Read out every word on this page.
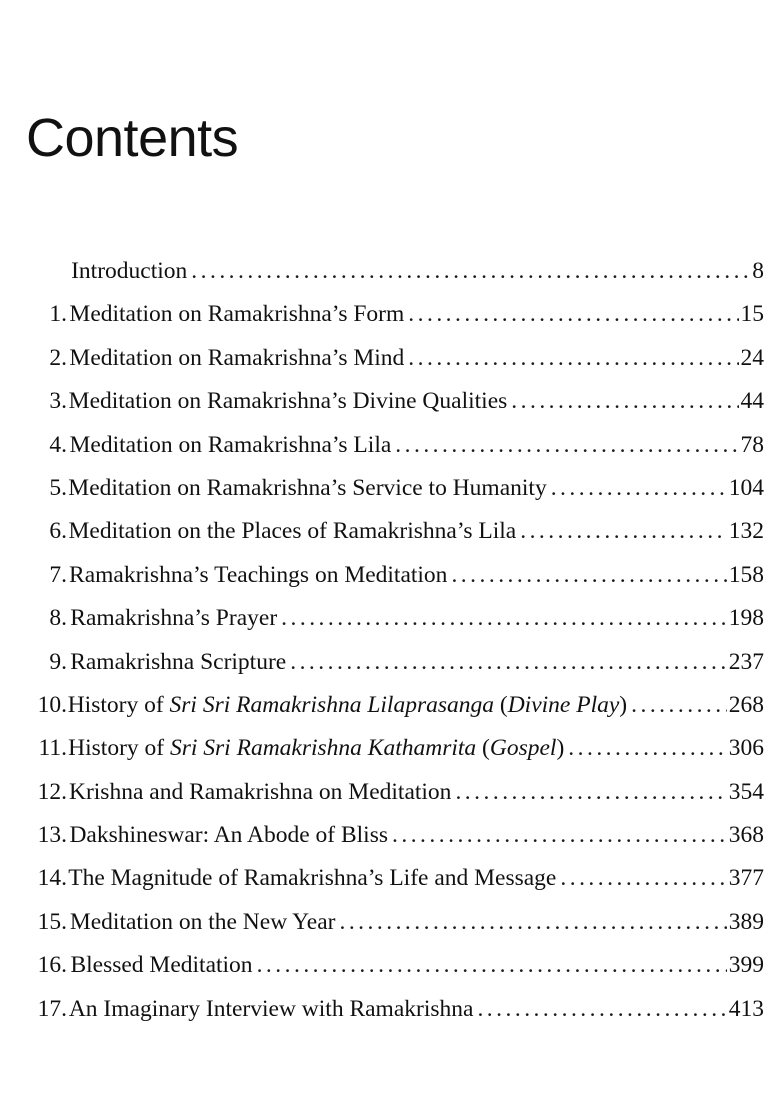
Contents
Introduction . . .	8
1. Meditation on Ramakrishna’s Form . . .	15
2. Meditation on Ramakrishna’s Mind . . .	24
3. Meditation on Ramakrishna’s Divine Qualities . . .	44
4. Meditation on Ramakrishna’s Lila . . .	78
5. Meditation on Ramakrishna’s Service to Humanity . . .	104
6. Meditation on the Places of Ramakrishna’s Lila . . .	132
7. Ramakrishna’s Teachings on Meditation . . .	158
8. Ramakrishna’s Prayer . . .	198
9. Ramakrishna Scripture . . .	237
10. History of Sri Sri Ramakrishna Lilaprasanga (Divine Play) . . .	268
11. History of Sri Sri Ramakrishna Kathamrita (Gospel) . . .	306
12. Krishna and Ramakrishna on Meditation . . .	354
13. Dakshineswar: An Abode of Bliss . . .	368
14. The Magnitude of Ramakrishna’s Life and Message . . .	377
15. Meditation on the New Year . . .	389
16. Blessed Meditation . . .	399
17. An Imaginary Interview with Ramakrishna . . .	413
